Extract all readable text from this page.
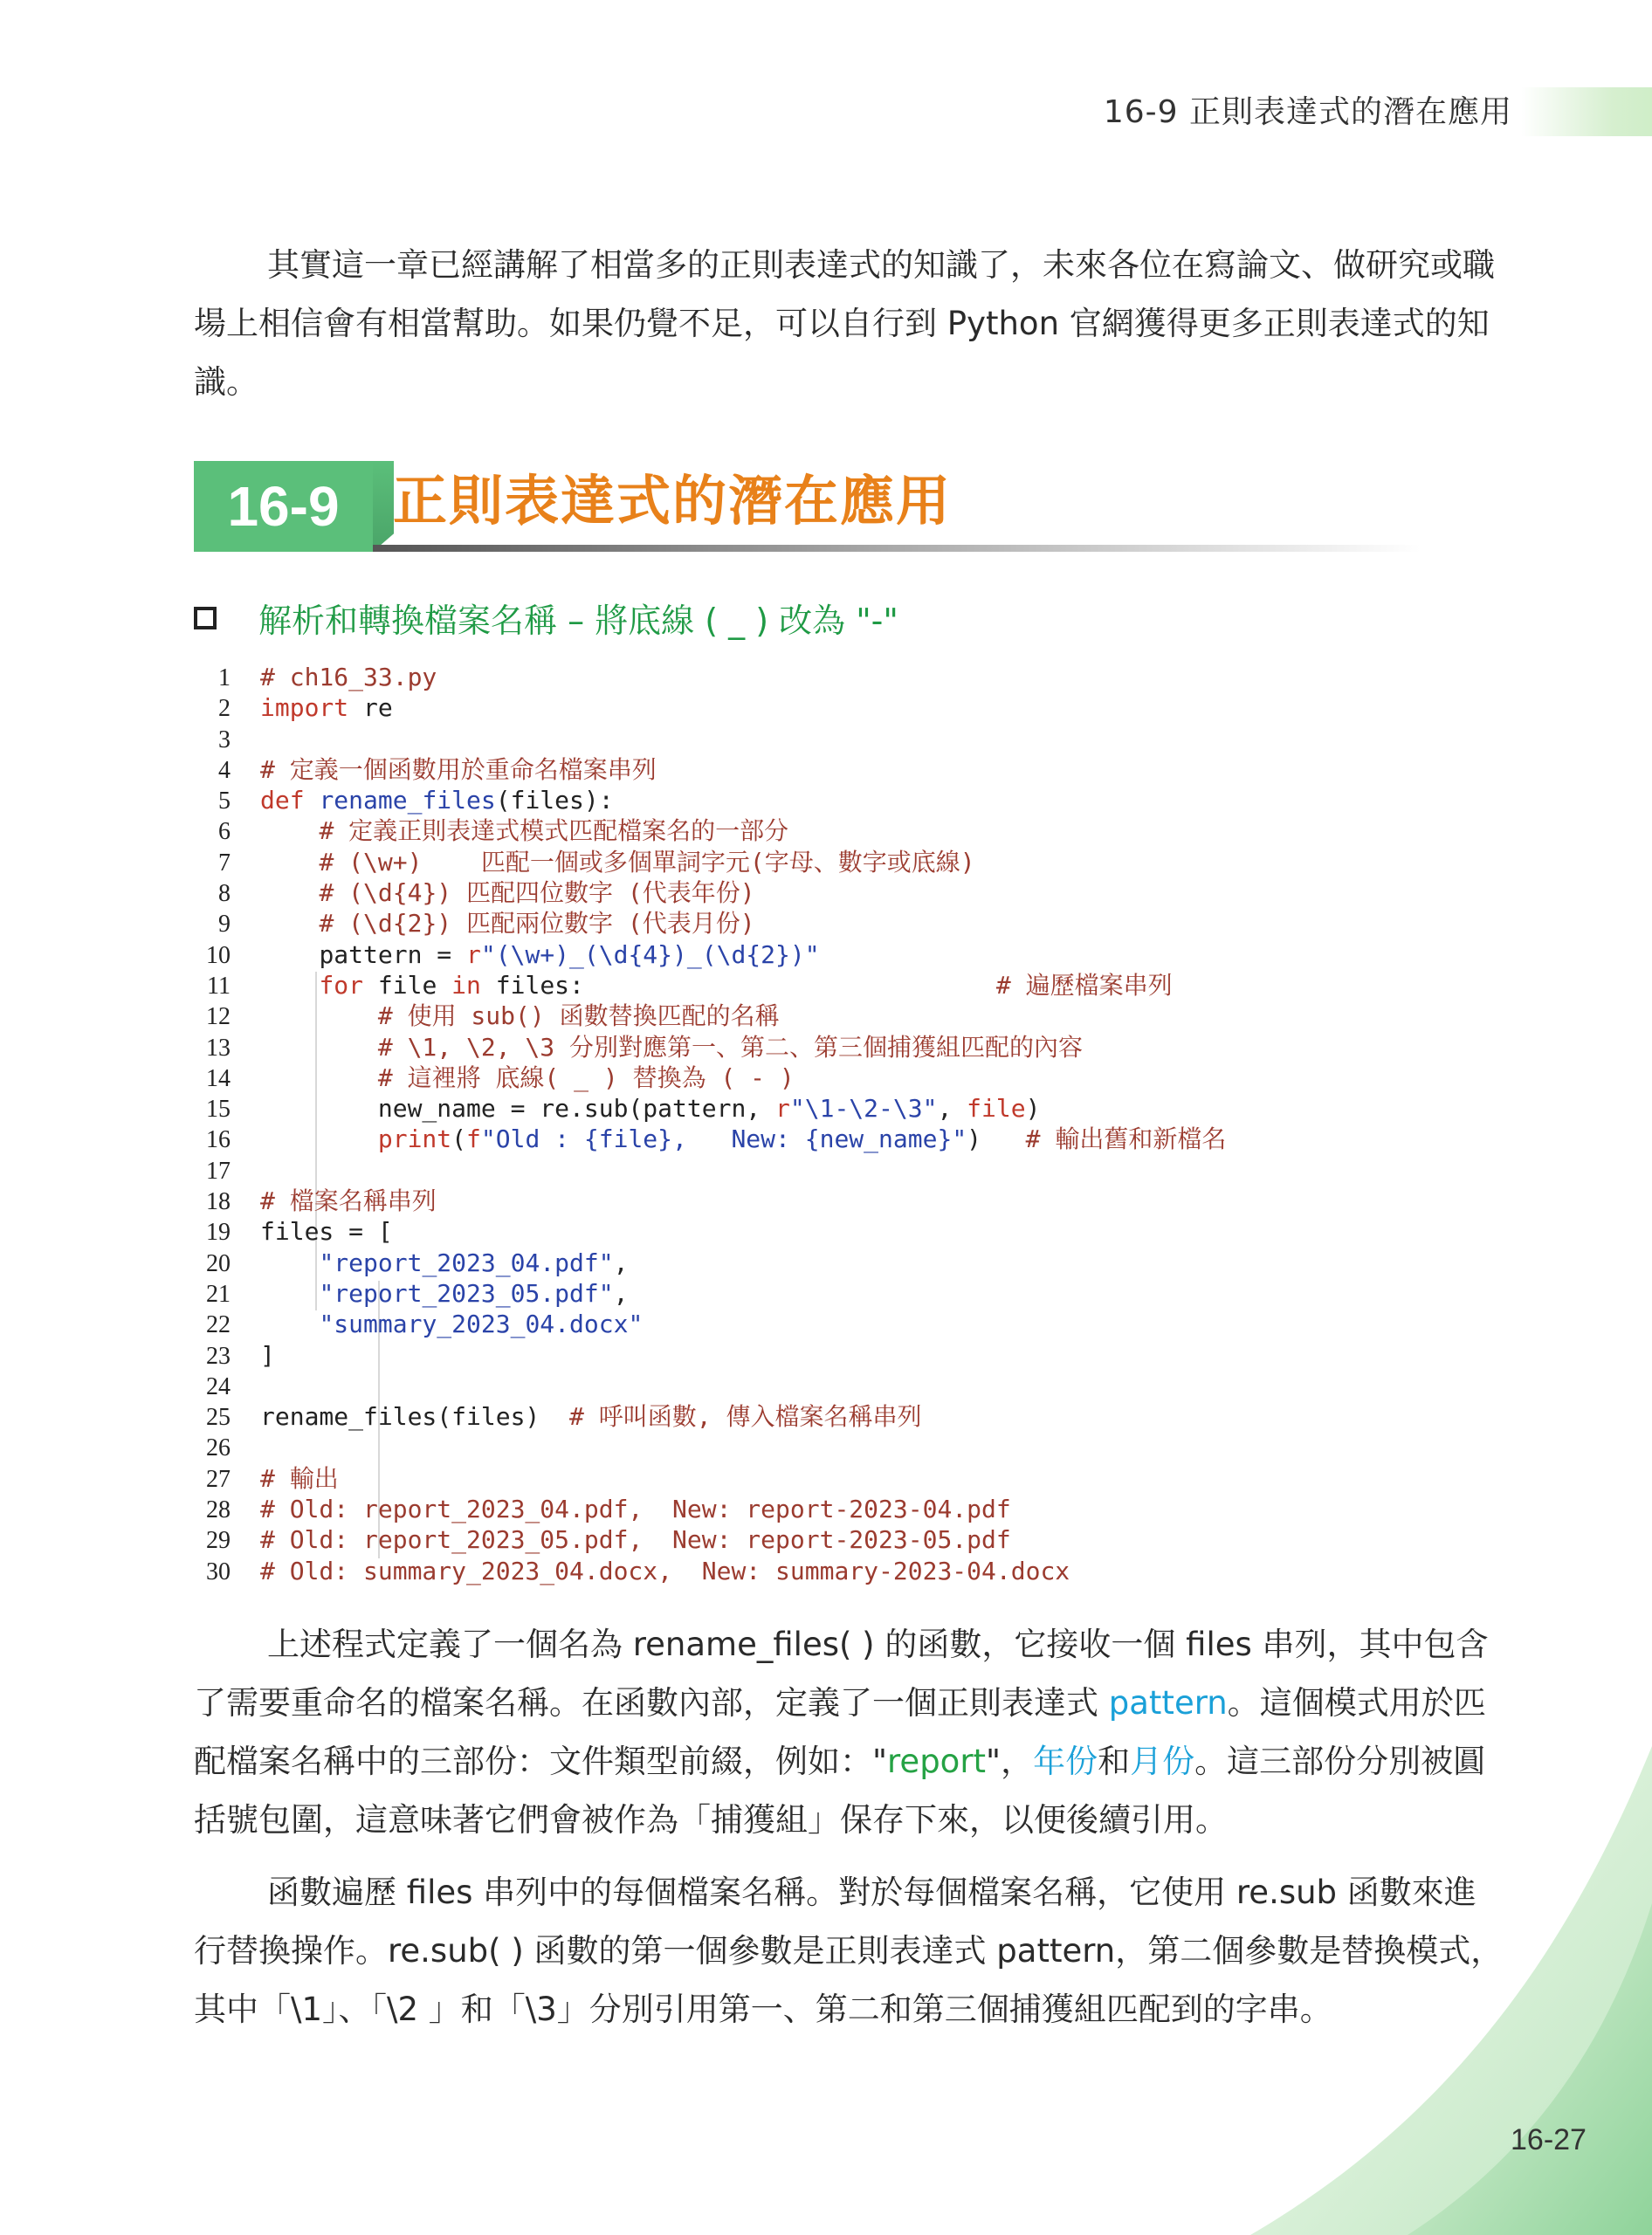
16-9 正則表達式的潛在應用
其實這一章已經講解了相當多的正則表達式的知識了，未來各位在寫論文、做研究或職場上相信會有相當幫助。如果仍覺不足，可以自行到 Python 官網獲得更多正則表達式的知識。
16-9 正則表達式的潛在應用
解析和轉換檔案名稱 – 將底線 ( _ ) 改為 "-"
1 # ch16_33.py
2 import re
3
4 # 定義一個函數用於重命名檔案串列
5 def rename_files(files):
6	# 定義正則表達式模式匹配檔案名的一部分
7	# (\w+)    匹配一個或多個單詞字元(字母、數字或底線)
8	# (\d{4}) 匹配四位數字 (代表年份)
9	# (\d{2}) 匹配兩位數字 (代表月份)
10	pattern = r"(\w+)_(\d{4})_(\d{2})"
11	for file in files:                            # 遍歷檔案串列
12	# 使用 sub() 函數替換匹配的名稱
13	# \1, \2, \3 分別對應第一、第二、第三個捕獲組匹配的內容
14	# 這裡將 底線( _ ) 替換為 ( - )
15	new_name = re.sub(pattern, r"\1-\2-\3", file)
16	print(f"Old : {file},   New: {new_name}")   # 輸出舊和新檔名
17
18 # 檔案名稱串列
19 files = [
20	"report_2023_04.pdf",
21	"report_2023_05.pdf",
22	"summary_2023_04.docx"
23 ]
24
25 rename_files(files)  # 呼叫函數, 傳入檔案名稱串列
26
27 # 輸出
28 # Old: report_2023_04.pdf,  New: report-2023-04.pdf
29 # Old: report_2023_05.pdf,  New: report-2023-05.pdf
30 # Old: summary_2023_04.docx,  New: summary-2023-04.docx
上述程式定義了一個名為 rename_files( ) 的函數，它接收一個 files 串列，其中包含了需要重命名的檔案名稱。在函數內部，定義了一個正則表達式 pattern。這個模式用於匹配檔案名稱中的三部份：文件類型前綴，例如："report"，年份和月份。這三部份分別被圓括號包圍，這意味著它們會被作為「捕獲組」保存下來，以便後續引用。
函數遍歷 files 串列中的每個檔案名稱。對於每個檔案名稱，它使用 re.sub 函數來進行替換操作。re.sub( ) 函數的第一個參數是正則表達式 pattern，第二個參數是替換模式，其中「\1」、「\2 」和「\3」分別引用第一、第二和第三個捕獲組匹配到的字串。
16-27
